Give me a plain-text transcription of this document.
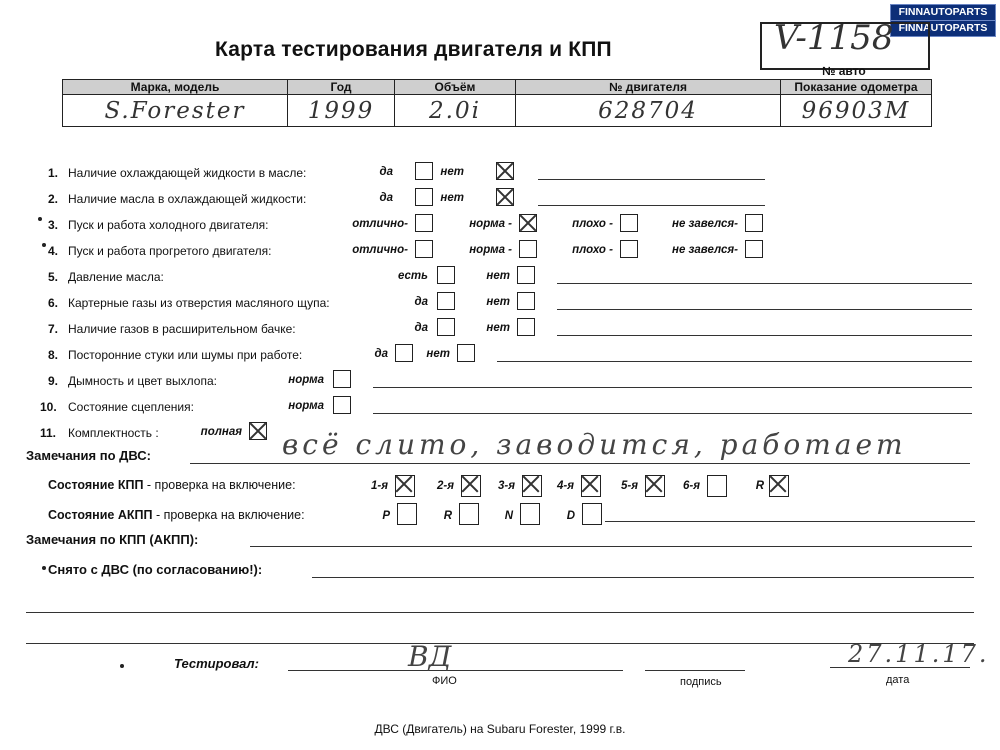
FINNAUTOPARTS
FINNAUTOPARTS
Карта тестирования двигателя и КПП	V-1158
№ авто
Марка, модель	Год	Объём	№ двигателя	Показание одометра
S.Forester	1999	2.0i	628704	96903M
1. Наличие охлаждающей жидкости в масле:	да	нет
2. Наличие масла в охлаждающей жидкости:	да	нет
3. Пуск и работа холодного двигателя:	отлично-	норма -	плохо -	не завелся-
4. Пуск и работа прогретого двигателя:	отлично-	норма -	плохо -	не завелся-
5. Давление масла:	есть	нет
6. Картерные газы из отверстия масляного щупа:	да	нет
7. Наличие газов в расширительном бачке:	да	нет
8. Посторонние стуки или шумы при работе:	да	нет
9. Дымность и цвет выхлопа:	норма
10. Состояние сцепления:	норма
11. Комплектность :	полная
Замечания по ДВС:	всё слито, заводится, работает
Состояние КПП - проверка на включение:	1-я	2-я	3-я	4-я	5-я	6-я	R
Состояние АКПП - проверка на включение:	P	R	N	D
Замечания по КПП (АКПП):
Снято с ДВС (по согласованию!):
Тестировал:	ВД
ФИО	подпись
27.11.17.
дата
ДВС (Двигатель) на Subaru Forester, 1999 г.в.
